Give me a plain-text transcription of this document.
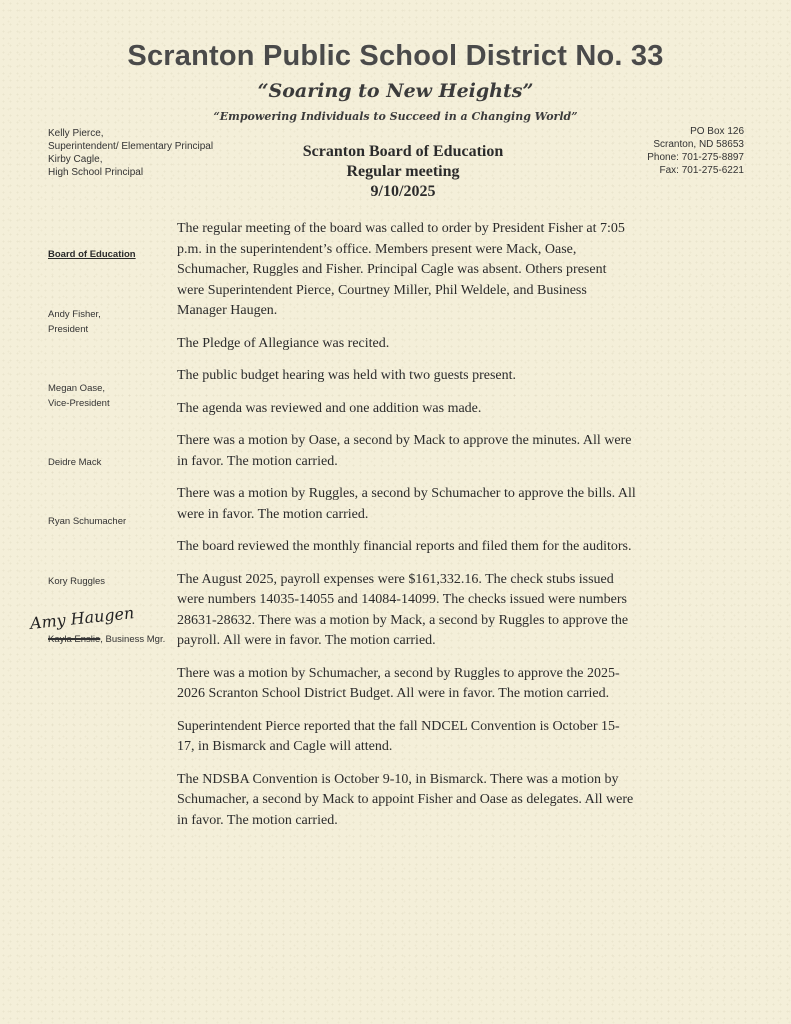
Scranton Public School District No. 33
“Soaring to New Heights”
“Empowering Individuals to Succeed in a Changing World”
Kelly Pierce,
Superintendent/ Elementary Principal
Kirby Cagle,
High School Principal
PO Box 126
Scranton, ND 58653
Phone: 701-275-8897
Fax: 701-275-6221
Scranton Board of Education
Regular meeting
9/10/2025
Board of Education
Andy Fisher,
President
Megan Oase,
Vice-President
Deidre Mack
Ryan Schumacher
Kory Ruggles
Amy Haugen
Kayla Enslie, Business Mgr.

The regular meeting of the board was called to order by President Fisher at 7:05 p.m. in the superintendent’s office. Members present were Mack, Oase, Schumacher, Ruggles and Fisher. Principal Cagle was absent. Others present were Superintendent Pierce, Courtney Miller, Phil Weldele, and Business Manager Haugen.

The Pledge of Allegiance was recited.

The public budget hearing was held with two guests present.

The agenda was reviewed and one addition was made.

There was a motion by Oase, a second by Mack to approve the minutes. All were in favor. The motion carried.

There was a motion by Ruggles, a second by Schumacher to approve the bills. All were in favor. The motion carried.

The board reviewed the monthly financial reports and filed them for the auditors.

The August 2025, payroll expenses were $161,332.16. The check stubs issued were numbers 14035-14055 and 14084-14099. The checks issued were numbers 28631-28632. There was a motion by Mack, a second by Ruggles to approve the payroll. All were in favor. The motion carried.

There was a motion by Schumacher, a second by Ruggles to approve the 2025-2026 Scranton School District Budget. All were in favor. The motion carried.

Superintendent Pierce reported that the fall NDCEL Convention is October 15-17, in Bismarck and Cagle will attend.

The NDSBA Convention is October 9-10, in Bismarck. There was a motion by Schumacher, a second by Mack to appoint Fisher and Oase as delegates. All were in favor. The motion carried.
